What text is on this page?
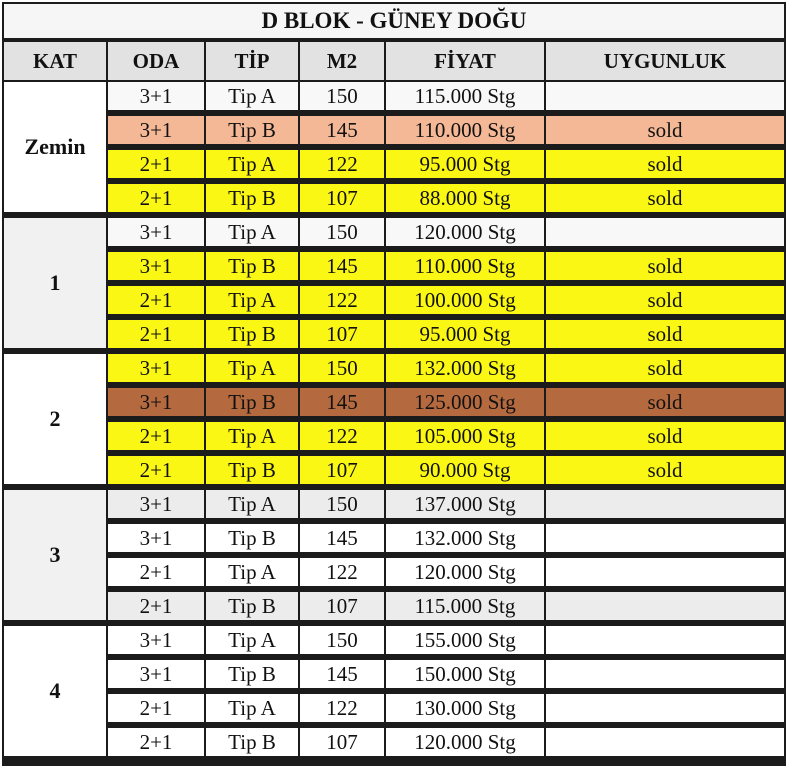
D BLOK - GÜNEY DOĞU
KAT	ODA	TİP	M2	FİYAT	UYGUNLUK
Zemin
3+1	Tip A	150	115.000 Stg
3+1	Tip B	145	110.000 Stg	sold
2+1	Tip A	122	95.000 Stg	sold
2+1	Tip B	107	88.000 Stg	sold
1
3+1	Tip A	150	120.000 Stg
3+1	Tip B	145	110.000 Stg	sold
2+1	Tip A	122	100.000 Stg	sold
2+1	Tip B	107	95.000 Stg	sold
2
3+1	Tip A	150	132.000 Stg	sold
3+1	Tip B	145	125.000 Stg	sold
2+1	Tip A	122	105.000 Stg	sold
2+1	Tip B	107	90.000 Stg	sold
3
3+1	Tip A	150	137.000 Stg
3+1	Tip B	145	132.000 Stg
2+1	Tip A	122	120.000 Stg
2+1	Tip B	107	115.000 Stg
4
3+1	Tip A	150	155.000 Stg
3+1	Tip B	145	150.000 Stg
2+1	Tip A	122	130.000 Stg
2+1	Tip B	107	120.000 Stg
